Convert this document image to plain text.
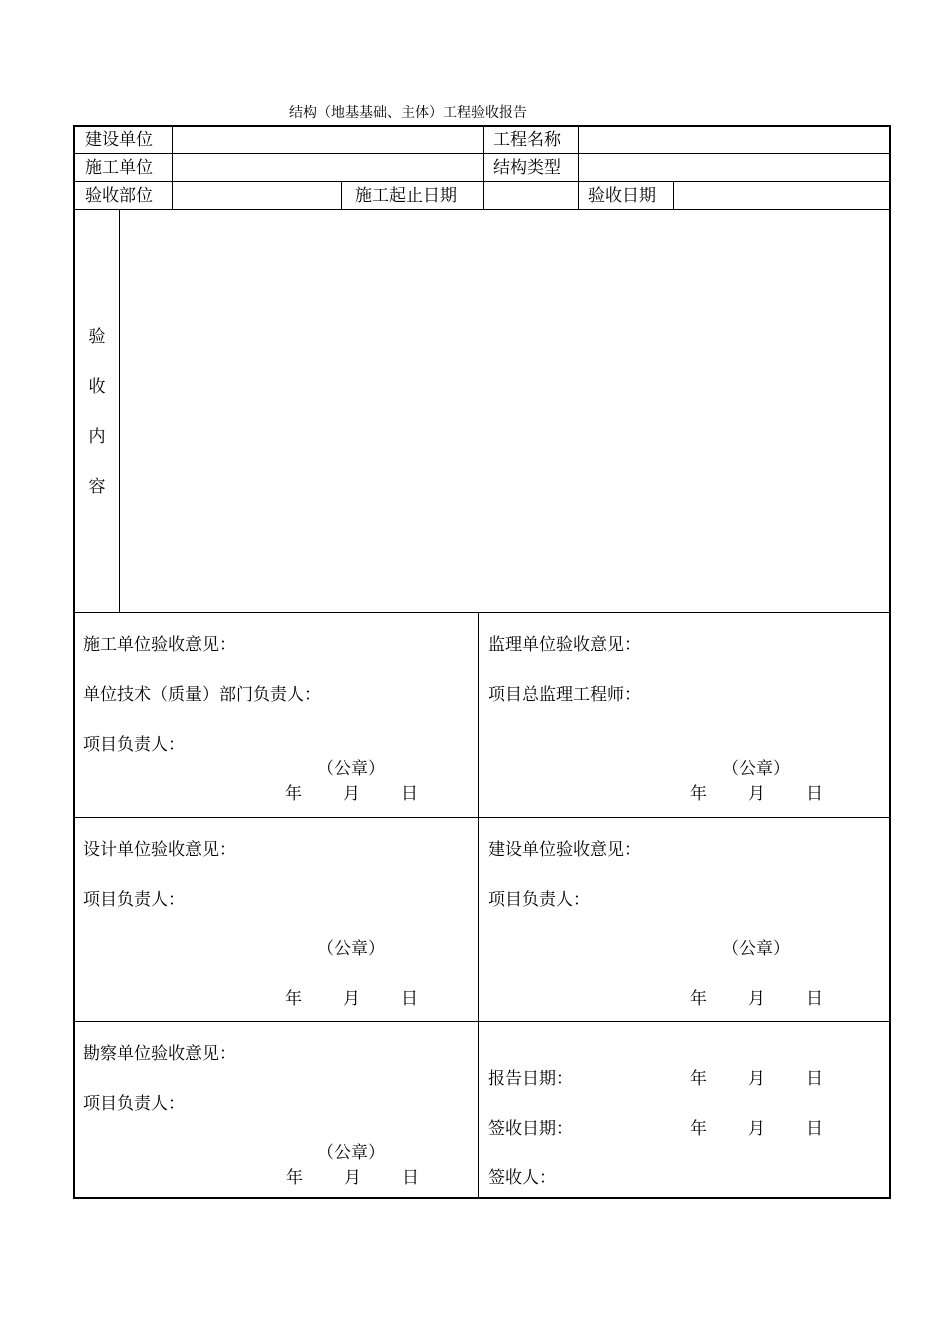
结构（地基基础、主体）工程验收报告
建设单位	工程名称
施工单位	结构类型
验收部位	施工起止日期	验收日期
验
收
内
容
施工单位验收意见：
单位技术（质量）部门负责人：
项目负责人：
（公章）
年 月 日
监理单位验收意见：
项目总监理工程师：
（公章）
年 月 日
设计单位验收意见：
项目负责人：
（公章）
年 月 日
建设单位验收意见：
项目负责人：
（公章）
年 月 日
勘察单位验收意见：
项目负责人：
（公章）
年 月 日
报告日期：	年 月 日
签收日期：	年 月 日
签收人：
